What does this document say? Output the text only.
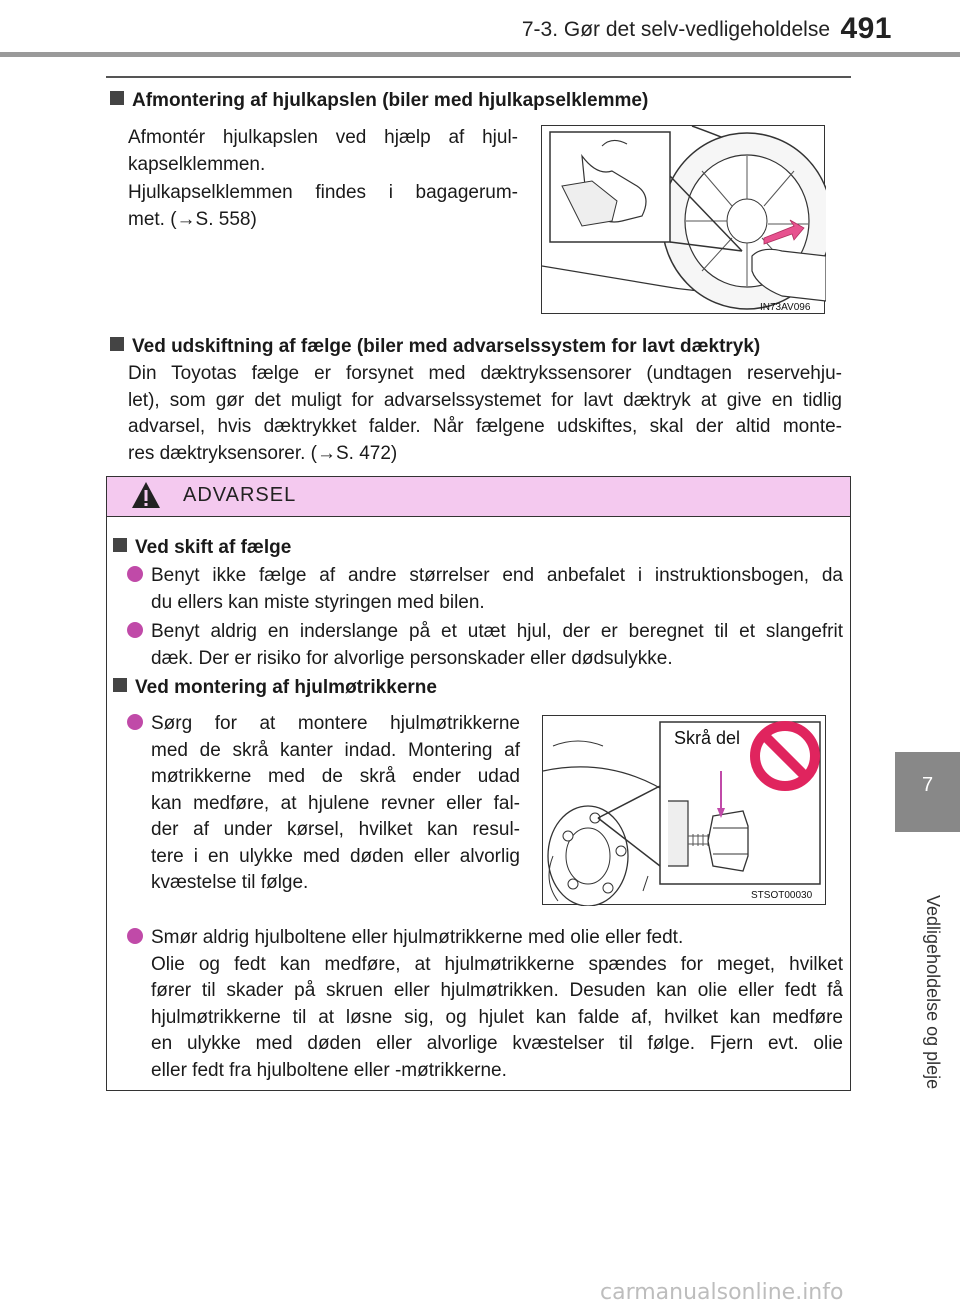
7-3. Gør det selv-vedligeholdelse 491
7
Vedligeholdelse og pleje
Afmontering af hjulkapslen (biler med hjulkapselklemme)
Afmontér hjulkapslen ved hjælp af hjul-
kapselklemmen.
Hjulkapselklemmen findes i bagagerum-
met. (→S. 558)
IN73AV096
Ved udskiftning af fælge (biler med advarselssystem for lavt dæktryk)
Din Toyotas fælge er forsynet med dæktrykssensorer (undtagen reservehju-
let), som gør det muligt for advarselssystemet for lavt dæktryk at give en tidlig
advarsel, hvis dæktrykket falder. Når fælgene udskiftes, skal der altid monte-
res dæktryksensorer. (→S. 472)
ADVARSEL
Ved skift af fælge
Benyt ikke fælge af andre størrelser end anbefalet i instruktionsbogen, da
du ellers kan miste styringen med bilen.
Benyt aldrig en inderslange på et utæt hjul, der er beregnet til et slangefrit
dæk. Der er risiko for alvorlige personskader eller dødsulykke.
Ved montering af hjulmøtrikkerne
Sørg for at montere hjulmøtrikkerne
med de skrå kanter indad. Montering af
møtrikkerne med de skrå ender udad
kan medføre, at hjulene revner eller fal-
der af under kørsel, hvilket kan resul-
tere i en ulykke med døden eller alvorlig
kvæstelse til følge.
Skrå del
STSOT00030
Smør aldrig hjulboltene eller hjulmøtrikkerne med olie eller fedt.
Olie og fedt kan medføre, at hjulmøtrikkerne spændes for meget, hvilket
fører til skader på skruen eller hjulmøtrikken. Desuden kan olie eller fedt få
hjulmøtrikkerne til at løsne sig, og hjulet kan falde af, hvilket kan medføre
en ulykke med døden eller alvorlige kvæstelser til følge. Fjern evt. olie
eller fedt fra hjulboltene eller -møtrikkerne.
carmanualsonline.info
